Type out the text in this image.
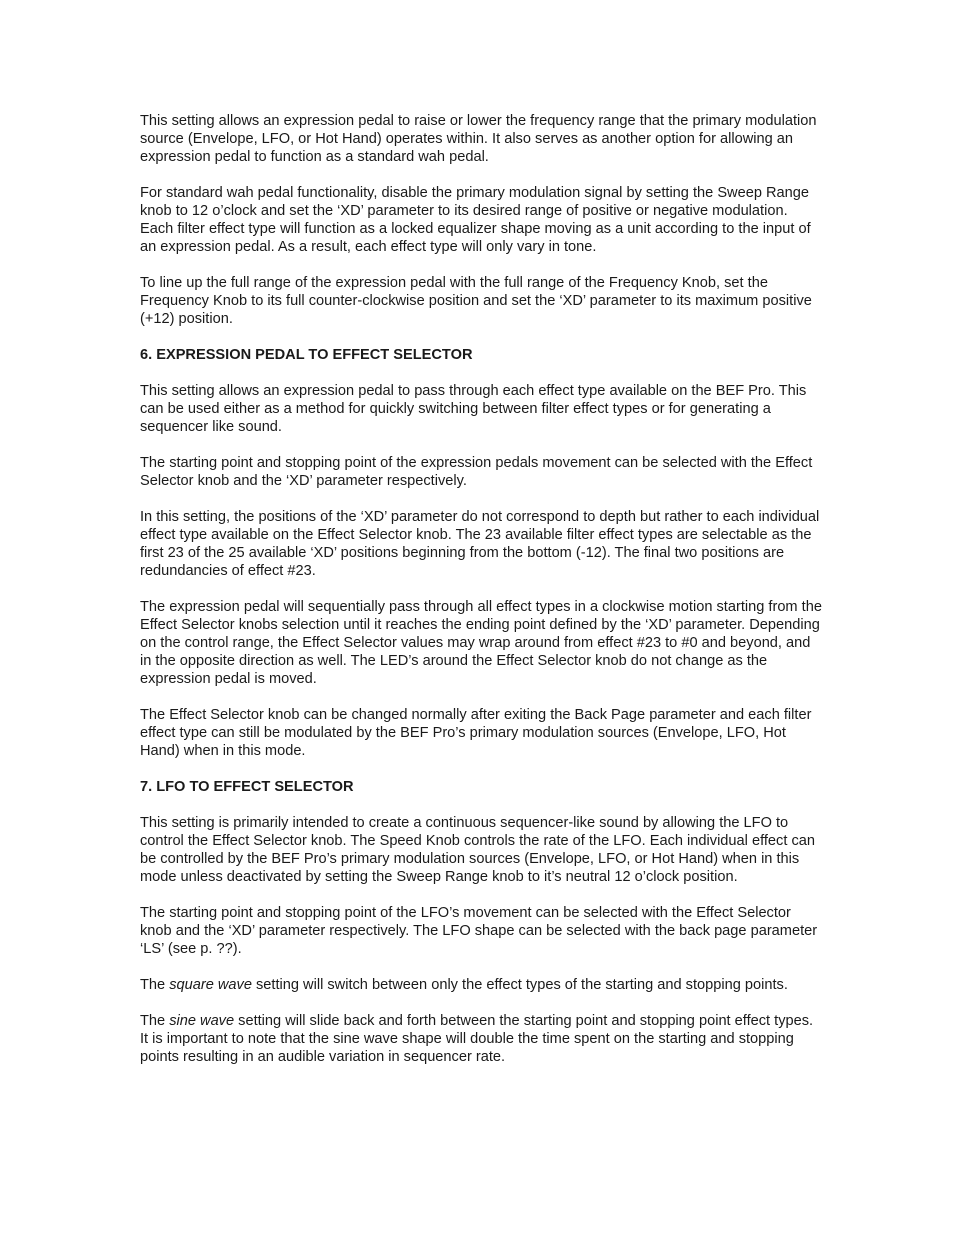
This setting allows an expression pedal to raise or lower the frequency range that the primary modulation source (Envelope, LFO, or Hot Hand) operates within. It also serves as another option for allowing an expression pedal to function as a standard wah pedal.

For standard wah pedal functionality, disable the primary modulation signal by setting the Sweep Range knob to 12 o’clock and set the ‘XD’ parameter to its desired range of positive or negative modulation. Each filter effect type will function as a locked equalizer shape moving as a unit according to the input of an expression pedal. As a result, each effect type will only vary in tone.

To line up the full range of the expression pedal with the full range of the Frequency Knob, set the Frequency Knob to its full counter-clockwise position and set the ‘XD’ parameter to its maximum positive (+12) position.

6. EXPRESSION PEDAL TO EFFECT SELECTOR

This setting allows an expression pedal to pass through each effect type available on the BEF Pro. This can be used either as a method for quickly switching between filter effect types or for generating a sequencer like sound.

The starting point and stopping point of the expression pedals movement can be selected with the Effect Selector knob and the ‘XD’ parameter respectively.

In this setting, the positions of the ‘XD’ parameter do not correspond to depth but rather to each individual effect type available on the Effect Selector knob. The 23 available filter effect types are selectable as the first 23 of the 25 available ‘XD’ positions beginning from the bottom (-12). The final two positions are redundancies of effect #23.

The expression pedal will sequentially pass through all effect types in a clockwise motion starting from the Effect Selector knobs selection until it reaches the ending point defined by the ‘XD’ parameter. Depending on the control range, the Effect Selector values may wrap around from effect #23 to #0 and beyond, and in the opposite direction as well. The LED’s around the Effect Selector knob do not change as the expression pedal is moved.

The Effect Selector knob can be changed normally after exiting the Back Page parameter and each filter effect type can still be modulated by the BEF Pro’s primary modulation sources (Envelope, LFO, Hot Hand) when in this mode.

7. LFO TO EFFECT SELECTOR

This setting is primarily intended to create a continuous sequencer-like sound by allowing the LFO to control the Effect Selector knob. The Speed Knob controls the rate of the LFO. Each individual effect can be controlled by the BEF Pro’s primary modulation sources (Envelope, LFO, or Hot Hand) when in this mode unless deactivated by setting the Sweep Range knob to it’s neutral 12 o’clock position.

The starting point and stopping point of the LFO’s movement can be selected with the Effect Selector knob and the ‘XD’ parameter respectively. The LFO shape can be selected with the back page parameter ‘LS’ (see p. ??).

The square wave setting will switch between only the effect types of the starting and stopping points.

The sine wave setting will slide back and forth between the starting point and stopping point effect types. It is important to note that the sine wave shape will double the time spent on the starting and stopping points resulting in an audible variation in sequencer rate.
